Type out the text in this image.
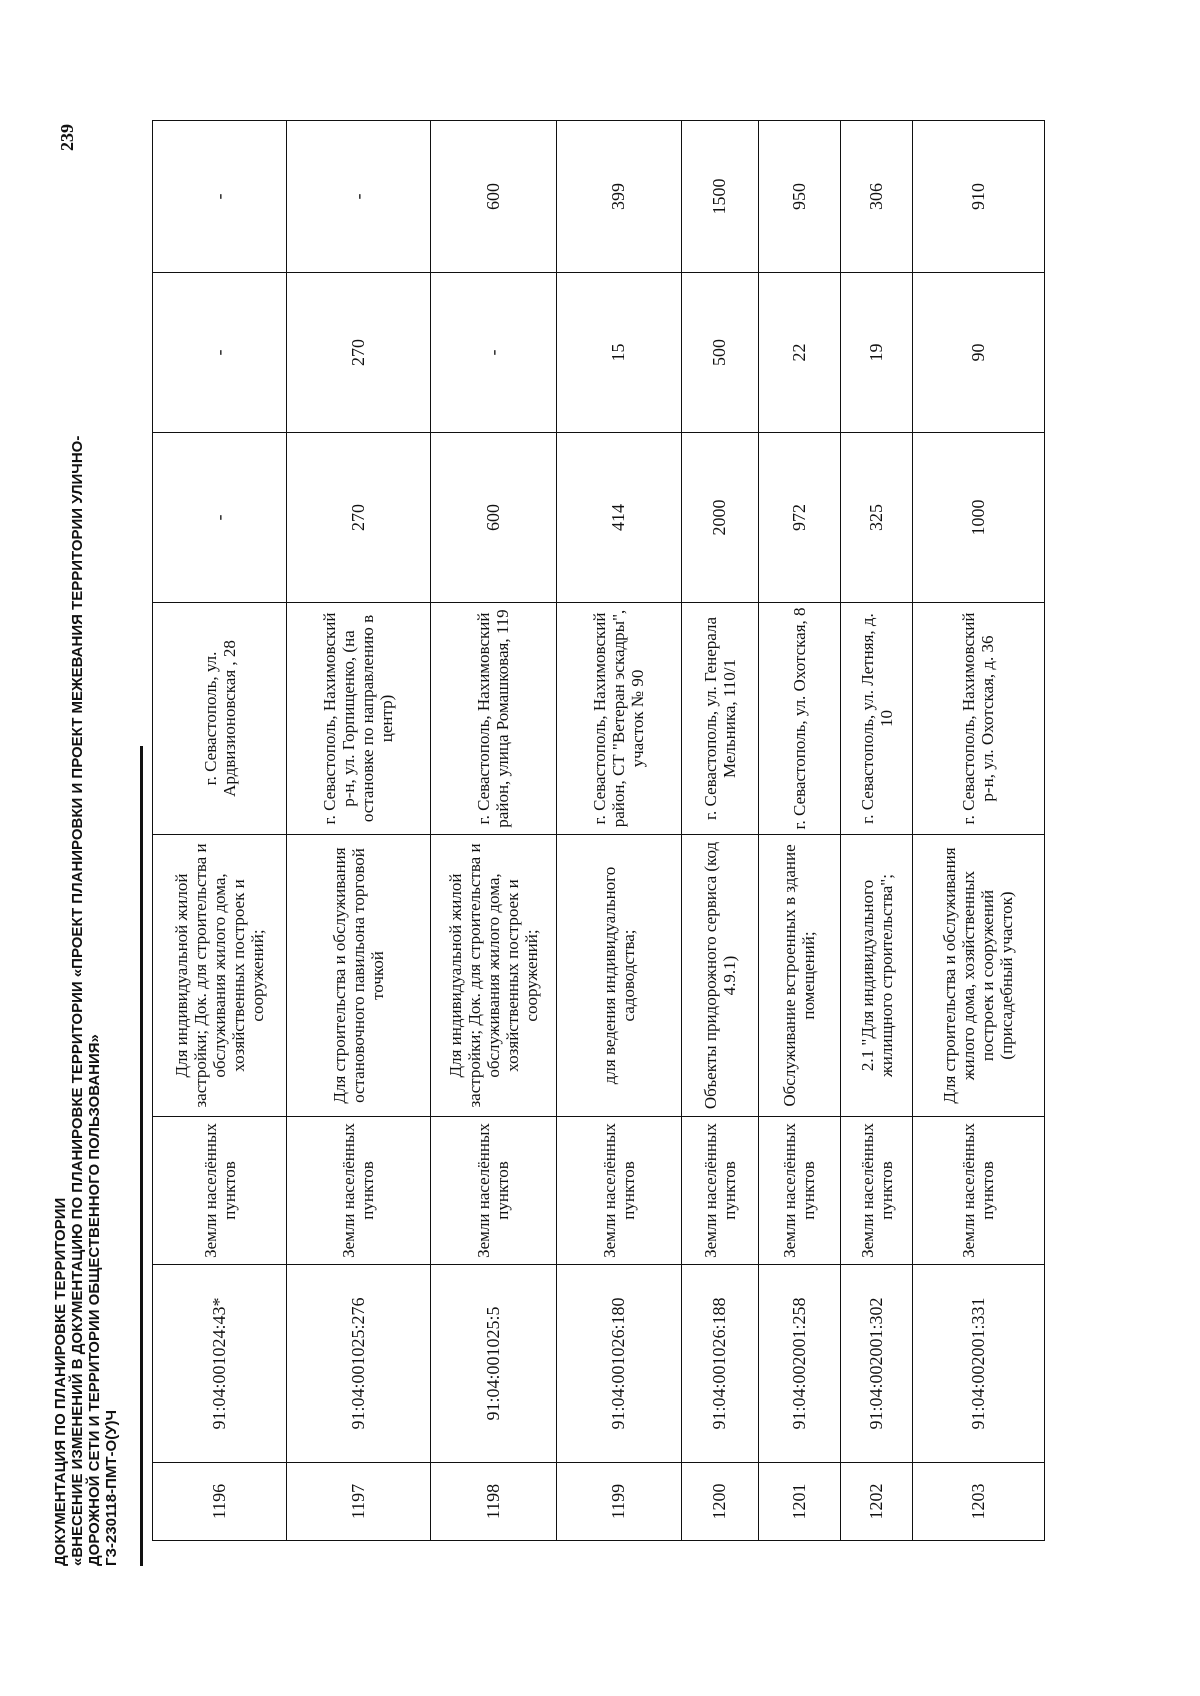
ДОКУМЕНТАЦИЯ ПО ПЛАНИРОВКЕ ТЕРРИТОРИИ «ВНЕСЕНИЕ ИЗМЕНЕНИЙ В ДОКУМЕНТАЦИЮ ПО ПЛАНИРОВКЕ ТЕРРИТОРИИ «ПРОЕКТ ПЛАНИРОВКИ И ПРОЕКТ МЕЖЕВАНИЯ ТЕРРИТОРИИ УЛИЧНО- ДОРОЖНОЙ СЕТИ И ТЕРРИТОРИИ ОБЩЕСТВЕННОГО ПОЛЬЗОВАНИЯ» ГЗ-230118-ПМТ-О(У)Ч
239
1196	91:04:001024:43*	Земли населённых пунктов	Для индивидуальной жилой застройки; Док. для строительства и обслуживания жилого дома, хозяйственных построек и сооружений;	г. Севастополь, ул. Ардвизионовская , 28	-	-	-
1197	91:04:001025:276	Земли населённых пунктов	Для строительства и обслуживания остановочного павильона торговой точкой	г. Севастополь, Нахимовский р-н, ул. Горпищенко, (на остановке по направлению в центр)	270	270	-
1198	91:04:001025:5	Земли населённых пунктов	Для индивидуальной жилой застройки; Док. для строительства и обслуживания жилого дома, хозяйственных построек и сооружений;	г. Севастополь, Нахимовский район, улица Ромашковая, 119	600	-	600
1199	91:04:001026:180	Земли населённых пунктов	для ведения индивидуального садоводства;	г. Севастополь, Нахимовский район, СТ "Ветеран эскадры", участок № 90	414	15	399
1200	91:04:001026:188	Земли населённых пунктов	Объекты придорожного сервиса (код 4.9.1)	г. Севастополь, ул. Генерала Мельника, 110/1	2000	500	1500
1201	91:04:002001:258	Земли населённых пунктов	Обслуживание встроенных в здание помещений;	г. Севастополь, ул. Охотская, 8	972	22	950
1202	91:04:002001:302	Земли населённых пунктов	2.1 "Для индивидуального жилищного строительства";	г. Севастополь, ул. Летняя, д. 10	325	19	306
1203	91:04:002001:331	Земли населённых пунктов	Для строительства и обслуживания жилого дома, хозяйственных построек и сооружений (присадебный участок)	г. Севастополь, Нахимовский р-н, ул. Охотская, д. 36	1000	90	910
